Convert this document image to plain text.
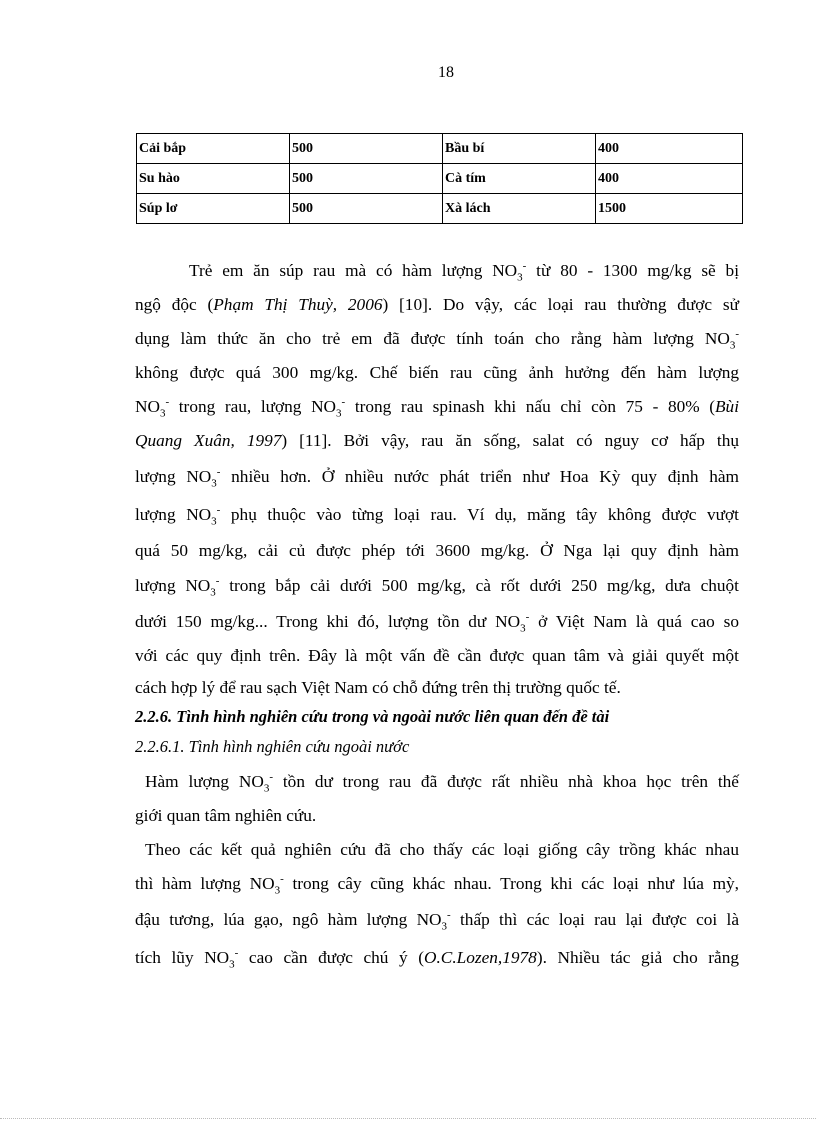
18
Cải bắp	500	Bầu bí	400
Su hào	500	Cà tím	400
Súp lơ	500	Xà lách	1500
Trẻ em ăn súp rau mà có hàm lượng $NO_3^-$ từ 80 - 1300 mg/kg sẽ bị
ngộ độc (Phạm Thị Thuỳ, 2006) [10]. Do vậy, các loại rau thường được sử
dụng làm thức ăn cho trẻ em đã được tính toán cho rằng hàm lượng $NO_3^-$
không được quá 300 mg/kg. Chế biến rau cũng ảnh hưởng đến hàm lượng
$NO_3^-$ trong rau, lượng $NO_3^-$ trong rau spinash khi nấu chỉ còn 75 - 80% (Bùi
Quang Xuân, 1997) [11]. Bởi vậy, rau ăn sống, salat có nguy cơ hấp thụ
lượng $NO_3^-$ nhiều hơn. Ở nhiều nước phát triển như Hoa Kỳ quy định hàm
lượng $NO_3^-$ phụ thuộc vào từng loại rau. Ví dụ, măng tây không được vượt
quá 50 mg/kg, cải củ được phép tới 3600 mg/kg. Ở Nga lại quy định hàm
lượng $NO_3^-$ trong bắp cải dưới 500 mg/kg, cà rốt dưới 250 mg/kg, dưa chuột
dưới 150 mg/kg... Trong khi đó, lượng tồn dư $NO_3^-$ ở Việt Nam là quá cao so
với các quy định trên. Đây là một vấn đề cần được quan tâm và giải quyết một
cách hợp lý để rau sạch Việt Nam có chỗ đứng trên thị trường quốc tế.
2.2.6. Tình hình nghiên cứu trong và ngoài nước liên quan đến đề tài
2.2.6.1. Tình hình nghiên cứu ngoài nước
Hàm lượng $NO_3^-$ tồn dư trong rau đã được rất nhiều nhà khoa học trên thế
giới quan tâm nghiên cứu.
Theo các kết quả nghiên cứu đã cho thấy các loại giống cây trồng khác nhau
thì hàm lượng $NO_3^-$ trong cây cũng khác nhau. Trong khi các loại như lúa mỳ,
đậu tương, lúa gạo, ngô hàm lượng $NO_3^-$ thấp thì các loại rau lại được coi là
tích lũy $NO_3^-$ cao cần được chú ý (O.C.Lozen,1978). Nhiều tác giả cho rằng
